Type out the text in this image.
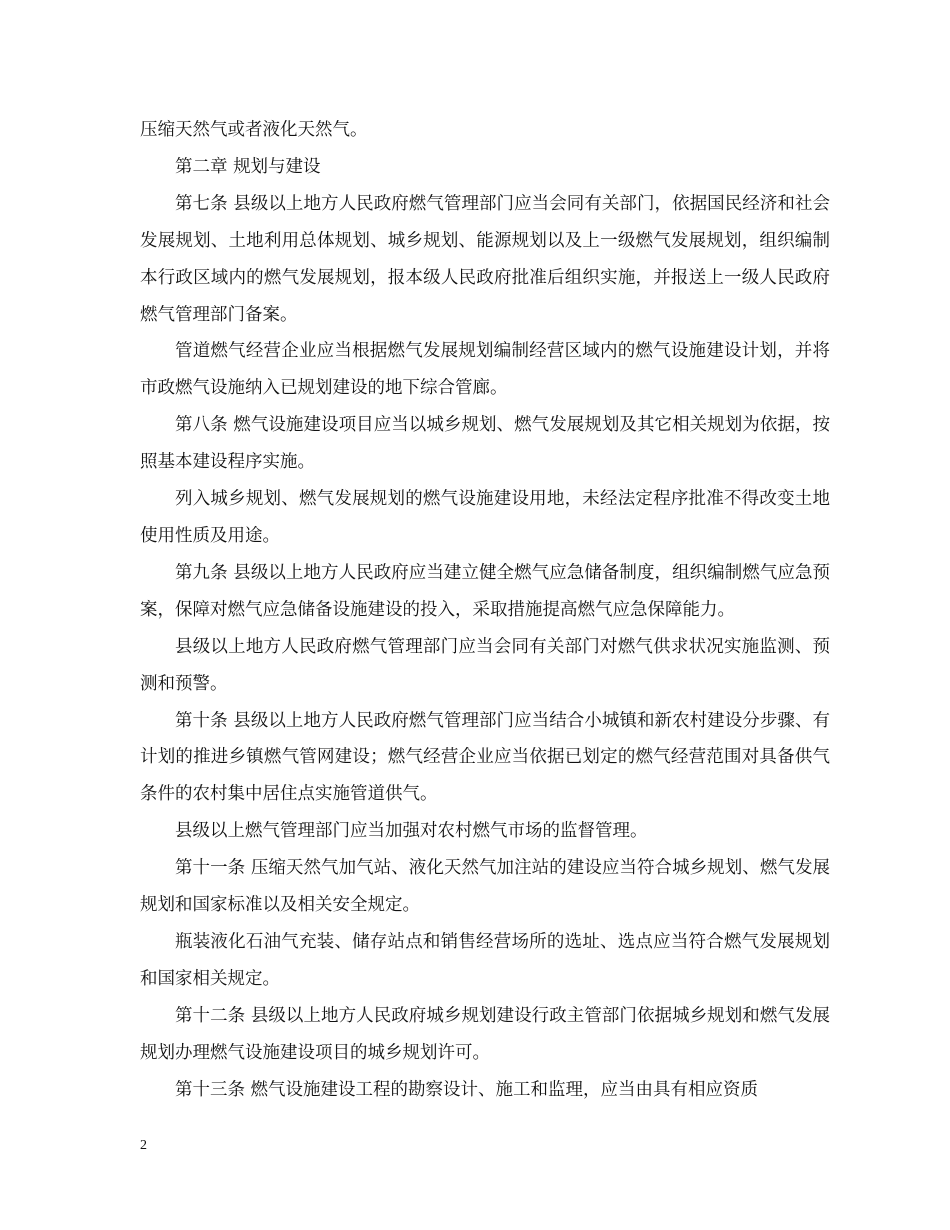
压缩天然气或者液化天然气。

第二章 规划与建设

第七条 县级以上地方人民政府燃气管理部门应当会同有关部门，依据国民经济和社会发展规划、土地利用总体规划、城乡规划、能源规划以及上一级燃气发展规划，组织编制本行政区域内的燃气发展规划，报本级人民政府批准后组织实施，并报送上一级人民政府燃气管理部门备案。

管道燃气经营企业应当根据燃气发展规划编制经营区域内的燃气设施建设计划，并将市政燃气设施纳入已规划建设的地下综合管廊。

第八条 燃气设施建设项目应当以城乡规划、燃气发展规划及其它相关规划为依据，按照基本建设程序实施。

列入城乡规划、燃气发展规划的燃气设施建设用地，未经法定程序批准不得改变土地使用性质及用途。

第九条 县级以上地方人民政府应当建立健全燃气应急储备制度，组织编制燃气应急预案，保障对燃气应急储备设施建设的投入，采取措施提高燃气应急保障能力。

县级以上地方人民政府燃气管理部门应当会同有关部门对燃气供求状况实施监测、预测和预警。

第十条 县级以上地方人民政府燃气管理部门应当结合小城镇和新农村建设分步骤、有计划的推进乡镇燃气管网建设；燃气经营企业应当依据已划定的燃气经营范围对具备供气条件的农村集中居住点实施管道供气。

县级以上燃气管理部门应当加强对农村燃气市场的监督管理。

第十一条 压缩天然气加气站、液化天然气加注站的建设应当符合城乡规划、燃气发展规划和国家标准以及相关安全规定。

瓶装液化石油气充装、储存站点和销售经营场所的选址、选点应当符合燃气发展规划和国家相关规定。

第十二条 县级以上地方人民政府城乡规划建设行政主管部门依据城乡规划和燃气发展规划办理燃气设施建设项目的城乡规划许可。

第十三条 燃气设施建设工程的勘察设计、施工和监理，应当由具有相应资质

2
